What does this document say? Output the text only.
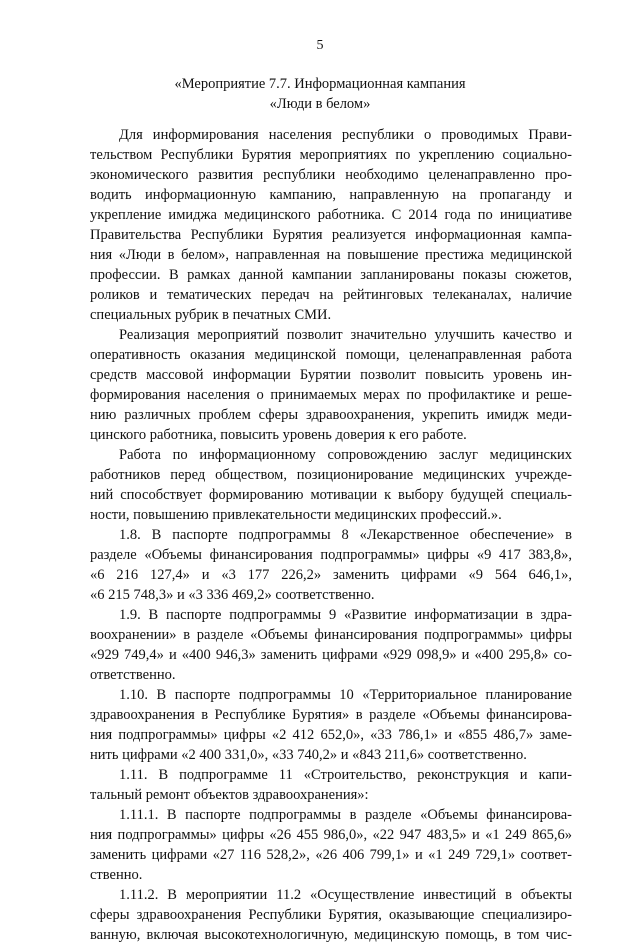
5
«Мероприятие 7.7. Информационная кампания
«Люди в белом»
Для информирования населения республики о проводимых Прави-
тельством Республики Бурятия мероприятиях по укреплению социально-
экономического развития республики необходимо целенаправленно про-
водить информационную кампанию, направленную на пропаганду и
укрепление имиджа медицинского работника. С 2014 года по инициативе
Правительства Республики Бурятия реализуется информационная кампа-
ния «Люди в белом», направленная на повышение престижа медицинской
профессии. В рамках данной кампании запланированы показы сюжетов,
роликов и тематических передач на рейтинговых телеканалах, наличие
специальных рубрик в печатных СМИ.
Реализация мероприятий позволит значительно улучшить качество и
оперативность оказания медицинской помощи, целенаправленная работа
средств массовой информации Бурятии позволит повысить уровень ин-
формирования населения о принимаемых мерах по профилактике и реше-
нию различных проблем сферы здравоохранения, укрепить имидж меди-
цинского работника, повысить уровень доверия к его работе.
Работа по информационному сопровождению заслуг медицинских
работников перед обществом, позиционирование медицинских учрежде-
ний способствует формированию мотивации к выбору будущей специаль-
ности, повышению привлекательности медицинских профессий.».
1.8. В паспорте подпрограммы 8 «Лекарственное обеспечение» в
разделе «Объемы финансирования подпрограммы» цифры «9 417 383,8»,
«6 216 127,4» и «3 177 226,2» заменить цифрами «9 564 646,1»,
«6 215 748,3» и «3 336 469,2» соответственно.
1.9. В паспорте подпрограммы 9 «Развитие информатизации в здра-
воохранении» в разделе «Объемы финансирования подпрограммы» цифры
«929 749,4» и «400 946,3» заменить цифрами «929 098,9» и «400 295,8» со-
ответственно.
1.10. В паспорте подпрограммы 10 «Территориальное планирование
здравоохранения в Республике Бурятия» в разделе «Объемы финансирова-
ния подпрограммы» цифры «2 412 652,0», «33 786,1» и «855 486,7» заме-
нить цифрами «2 400 331,0», «33 740,2» и «843 211,6» соответственно.
1.11. В подпрограмме 11 «Строительство, реконструкция и капи-
тальный ремонт объектов здравоохранения»:
1.11.1. В паспорте подпрограммы в разделе «Объемы финансирова-
ния подпрограммы» цифры «26 455 986,0», «22 947 483,5» и «1 249 865,6»
заменить цифрами «27 116 528,2», «26 406 799,1» и «1 249 729,1» соответ-
ственно.
1.11.2. В мероприятии 11.2 «Осуществление инвестиций в объекты
сферы здравоохранения Республики Бурятия, оказывающие специализиро-
ванную, включая высокотехнологичную, медицинскую помощь, в том чис-
